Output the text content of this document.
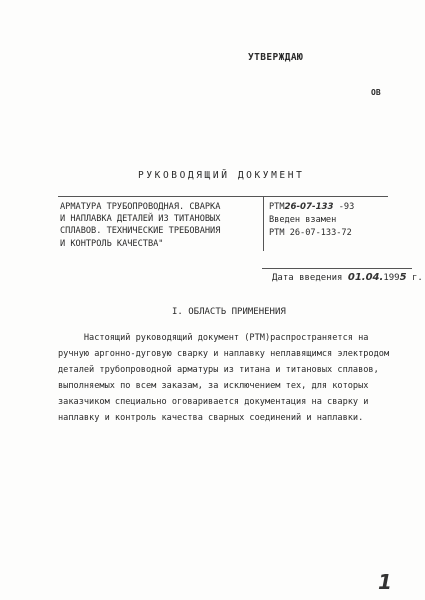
УТВЕРЖДАЮ
ОВ
РУКОВОДЯЩИЙ ДОКУМЕНТ
АРМАТУРА ТРУБОПРОВОДНАЯ. СВАРКА
И НАПЛАВКА ДЕТАЛЕЙ ИЗ ТИТАНОВЫХ
СПЛАВОВ. ТЕХНИЧЕСКИЕ ТРЕБОВАНИЯ
И КОНТРОЛЬ КАЧЕСТВА"
РТМ26-07-133 -93
Введен взамен
РТМ 26-07-133-72
Дата введения 01.04.1995 г.
I. ОБЛАСТЬ ПРИМЕНЕНИЯ
Настоящий руководящий документ (РТМ)распространяется на
ручную аргонно-дуговую сварку и наплавку неплавящимся электродом
деталей трубопроводной арматуры из титана и титановых сплавов,
выполняемых по всем заказам, за исключением тех, для которых
заказчиком специально оговаривается документация на сварку и
наплавку и контроль качества сварных соединений и наплавки.
1
